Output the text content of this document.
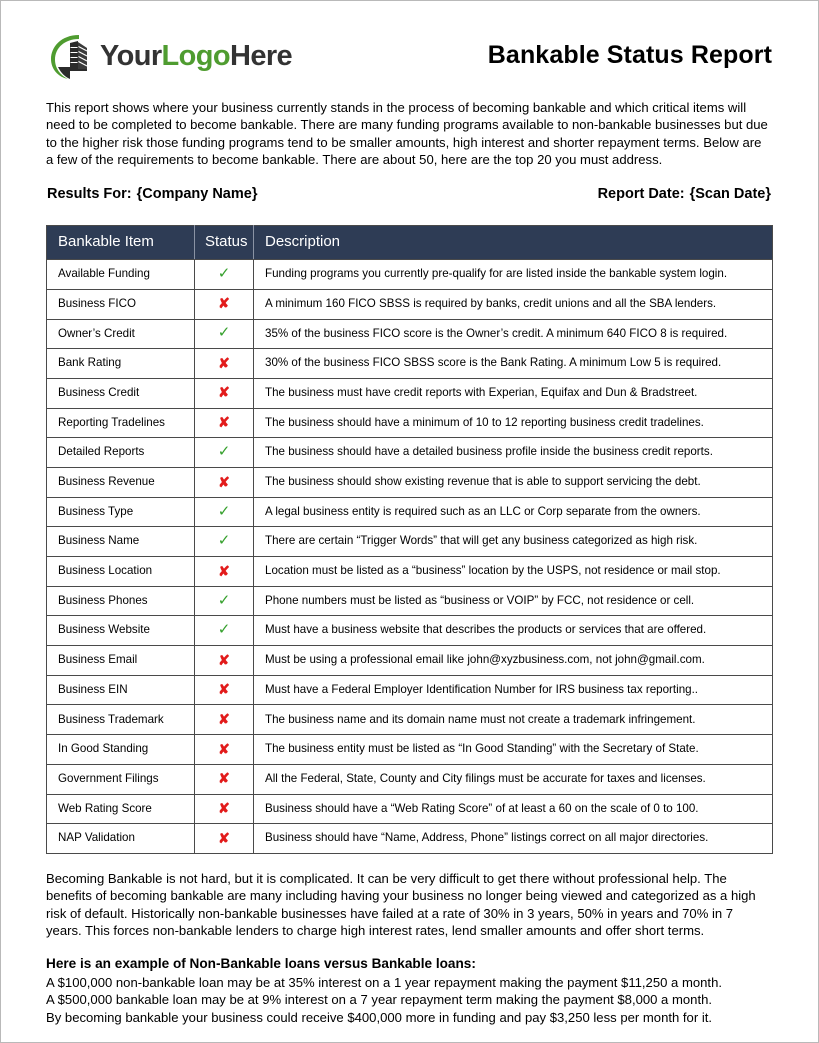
YourLogoHere	Bankable Status Report

This report shows where your business currently stands in the process of becoming bankable and which critical items will need to be completed to become bankable. There are many funding programs available to non-bankable businesses but due to the higher risk those funding programs tend to be smaller amounts, high interest and shorter repayment terms. Below are a few of the requirements to become bankable. There are about 50, here are the top 20 you must address.

Results For: {Company Name}	Report Date: {Scan Date}
Bankable Item	Status	Description
Available Funding	✓	Funding programs you currently pre-qualify for are listed inside the bankable system login.
Business FICO	✘	A minimum 160 FICO SBSS is required by banks, credit unions and all the SBA lenders.
Owner’s Credit	✓	35% of the business FICO score is the Owner’s credit. A minimum 640 FICO 8 is required.
Bank Rating	✘	30% of the business FICO SBSS score is the Bank Rating. A minimum Low 5 is required.
Business Credit	✘	The business must have credit reports with Experian, Equifax and Dun & Bradstreet.
Reporting Tradelines	✘	The business should have a minimum of 10 to 12 reporting business credit tradelines.
Detailed Reports	✓	The business should have a detailed business profile inside the business credit reports.
Business Revenue	✘	The business should show existing revenue that is able to support servicing the debt.
Business Type	✓	A legal business entity is required such as an LLC or Corp separate from the owners.
Business Name	✓	There are certain “Trigger Words” that will get any business categorized as high risk.
Business Location	✘	Location must be listed as a “business” location by the USPS, not residence or mail stop.
Business Phones	✓	Phone numbers must be listed as “business or VOIP” by FCC, not residence or cell.
Business Website	✓	Must have a business website that describes the products or services that are offered.
Business Email	✘	Must be using a professional email like john@xyzbusiness.com, not john@gmail.com.
Business EIN	✘	Must have a Federal Employer Identification Number for IRS business tax reporting..
Business Trademark	✘	The business name and its domain name must not create a trademark infringement.
In Good Standing	✘	The business entity must be listed as “In Good Standing” with the Secretary of State.
Government Filings	✘	All the Federal, State, County and City filings must be accurate for taxes and licenses.
Web Rating Score	✘	Business should have a “Web Rating Score” of at least a 60 on the scale of 0 to 100.
NAP Validation	✘	Business should have “Name, Address, Phone” listings correct on all major directories.

Becoming Bankable is not hard, but it is complicated. It can be very difficult to get there without professional help. The benefits of becoming bankable are many including having your business no longer being viewed and categorized as a high risk of default. Historically non-bankable businesses have failed at a rate of 30% in 3 years, 50% in years and 70% in 7 years. This forces non-bankable lenders to charge high interest rates, lend smaller amounts and offer short terms.

Here is an example of Non-Bankable loans versus Bankable loans:
A $100,000 non-bankable loan may be at 35% interest on a 1 year repayment making the payment $11,250 a month.
A $500,000 bankable loan may be at 9% interest on a 7 year repayment term making the payment $8,000 a month.
By becoming bankable your business could receive $400,000 more in funding and pay $3,250 less per month for it.
